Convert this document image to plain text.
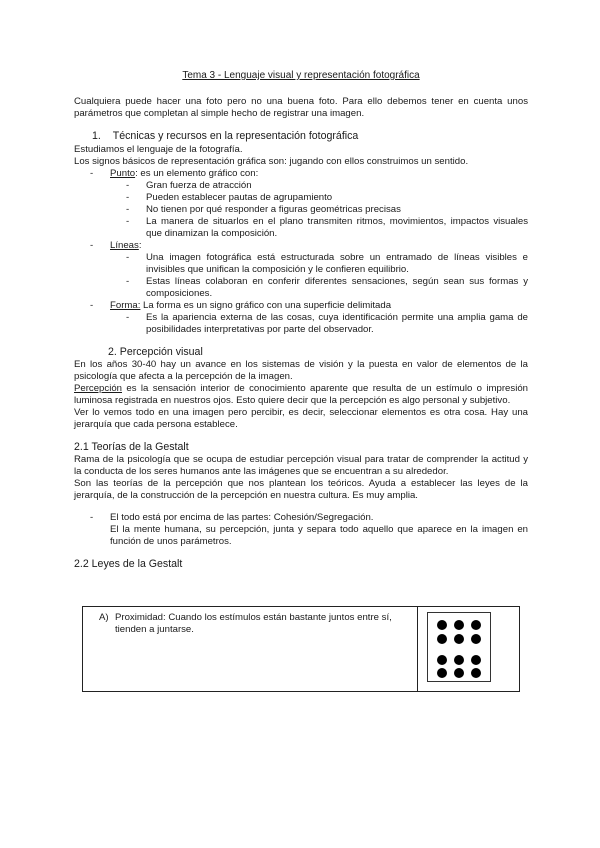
Tema 3 - Lenguaje visual y representación fotográfica

Cualquiera puede hacer una foto pero no una buena foto. Para ello debemos tener en cuenta unos parámetros que completan al simple hecho de registrar una imagen.

1. Técnicas y recursos en la representación fotográfica

Estudiamos el lenguaje de la fotografía.

Los signos básicos de representación gráfica son: jugando con ellos construimos un sentido.

- Punto: es un elemento gráfico con:
- Gran fuerza de atracción
- Pueden establecer pautas de agrupamiento
- No tienen por qué responder a figuras geométricas precisas
- La manera de situarlos en el plano transmiten ritmos, movimientos, impactos visuales que dinamizan la composición.
- Líneas:
- Una imagen fotográfica está estructurada sobre un entramado de líneas visibles e invisibles que unifican la composición y le confieren equilibrio.
- Estas líneas colaboran en conferir diferentes sensaciones, según sean sus formas y composiciones.
- Forma: La forma es un signo gráfico con una superficie delimitada
- Es la apariencia externa de las cosas, cuya identificación permite una amplia gama de posibilidades interpretativas por parte del observador.
2. Percepción visual

En los años 30-40 hay un avance en los sistemas de visión y la puesta en valor de elementos de la psicología que afecta a la percepción de la imagen.

Percepción es la sensación interior de conocimiento aparente que resulta de un estímulo o impresión luminosa registrada en nuestros ojos. Esto quiere decir que la percepción es algo personal y subjetivo.

Ver lo vemos todo en una imagen pero percibir, es decir, seleccionar elementos es otra cosa. Hay una jerarquía que cada persona establece.

2.1 Teorías de la Gestalt

Rama de la psicología que se ocupa de estudiar percepción visual para tratar de comprender la actitud y la conducta de los seres humanos ante las imágenes que se encuentran a su alrededor.

Son las teorías de la percepción que nos plantean los teóricos. Ayuda a establecer las leyes de la jerarquía, de la construcción de la percepción en nuestra cultura. Es muy amplia.

- El todo está por encima de las partes: Cohesión/Segregación.

El la mente humana, su percepción, junta y separa todo aquello que aparece en la imagen en función de unos parámetros.

2.2 Leyes de la Gestalt
A) Proximidad: Cuando los estímulos están bastante juntos entre sí, tienden a juntarse.
